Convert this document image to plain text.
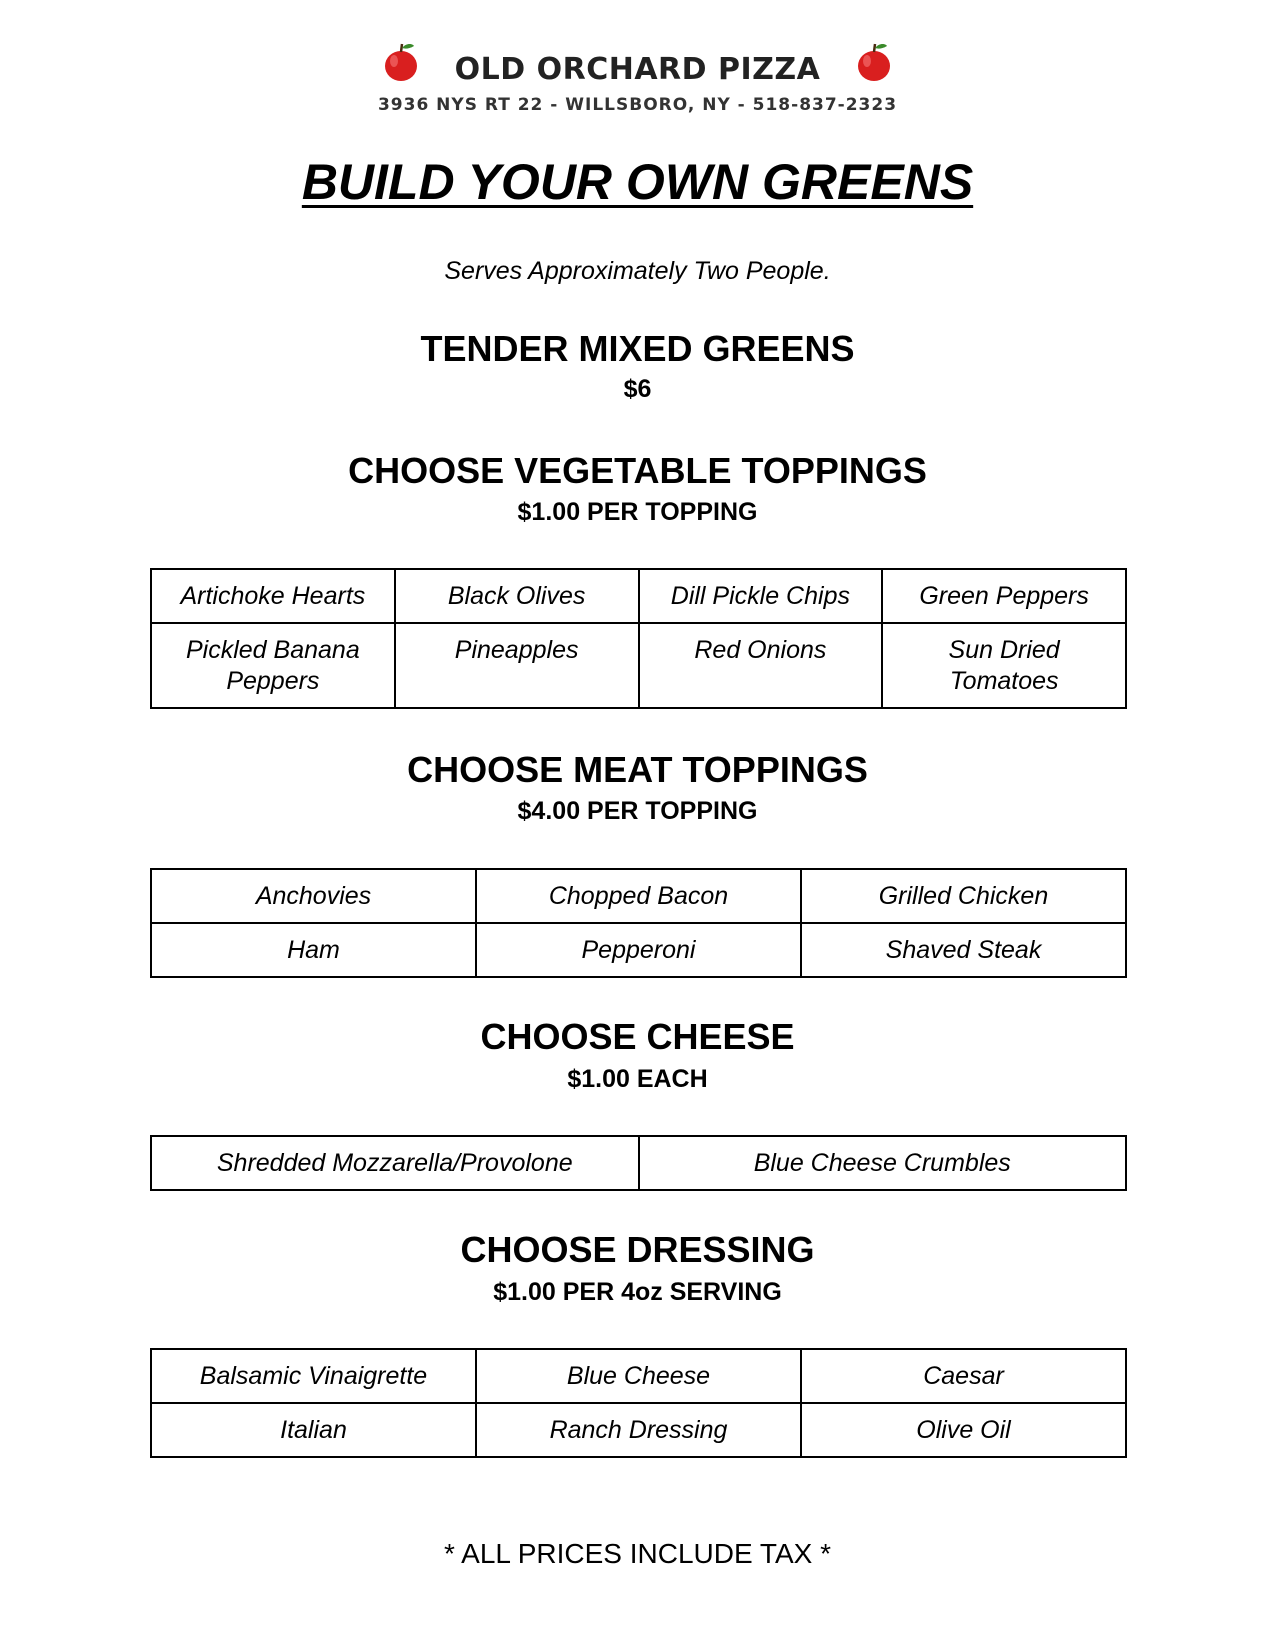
OLD ORCHARD PIZZA
3936 NYS RT 22 - WILLSBORO, NY - 518-837-2323
BUILD YOUR OWN GREENS
Serves Approximately Two People.
TENDER MIXED GREENS
$6
CHOOSE VEGETABLE TOPPINGS
$1.00 PER TOPPING
Artichoke Hearts	Black Olives	Dill Pickle Chips	Green Peppers
Pickled Banana Peppers	Pineapples	Red Onions	Sun Dried Tomatoes
CHOOSE MEAT TOPPINGS
$4.00 PER TOPPING
Anchovies	Chopped Bacon	Grilled Chicken
Ham	Pepperoni	Shaved Steak
CHOOSE CHEESE
$1.00 EACH
Shredded Mozzarella/Provolone	Blue Cheese Crumbles
CHOOSE DRESSING
$1.00 PER 4oz SERVING
Balsamic Vinaigrette	Blue Cheese	Caesar
Italian	Ranch Dressing	Olive Oil
* ALL PRICES INCLUDE TAX *
